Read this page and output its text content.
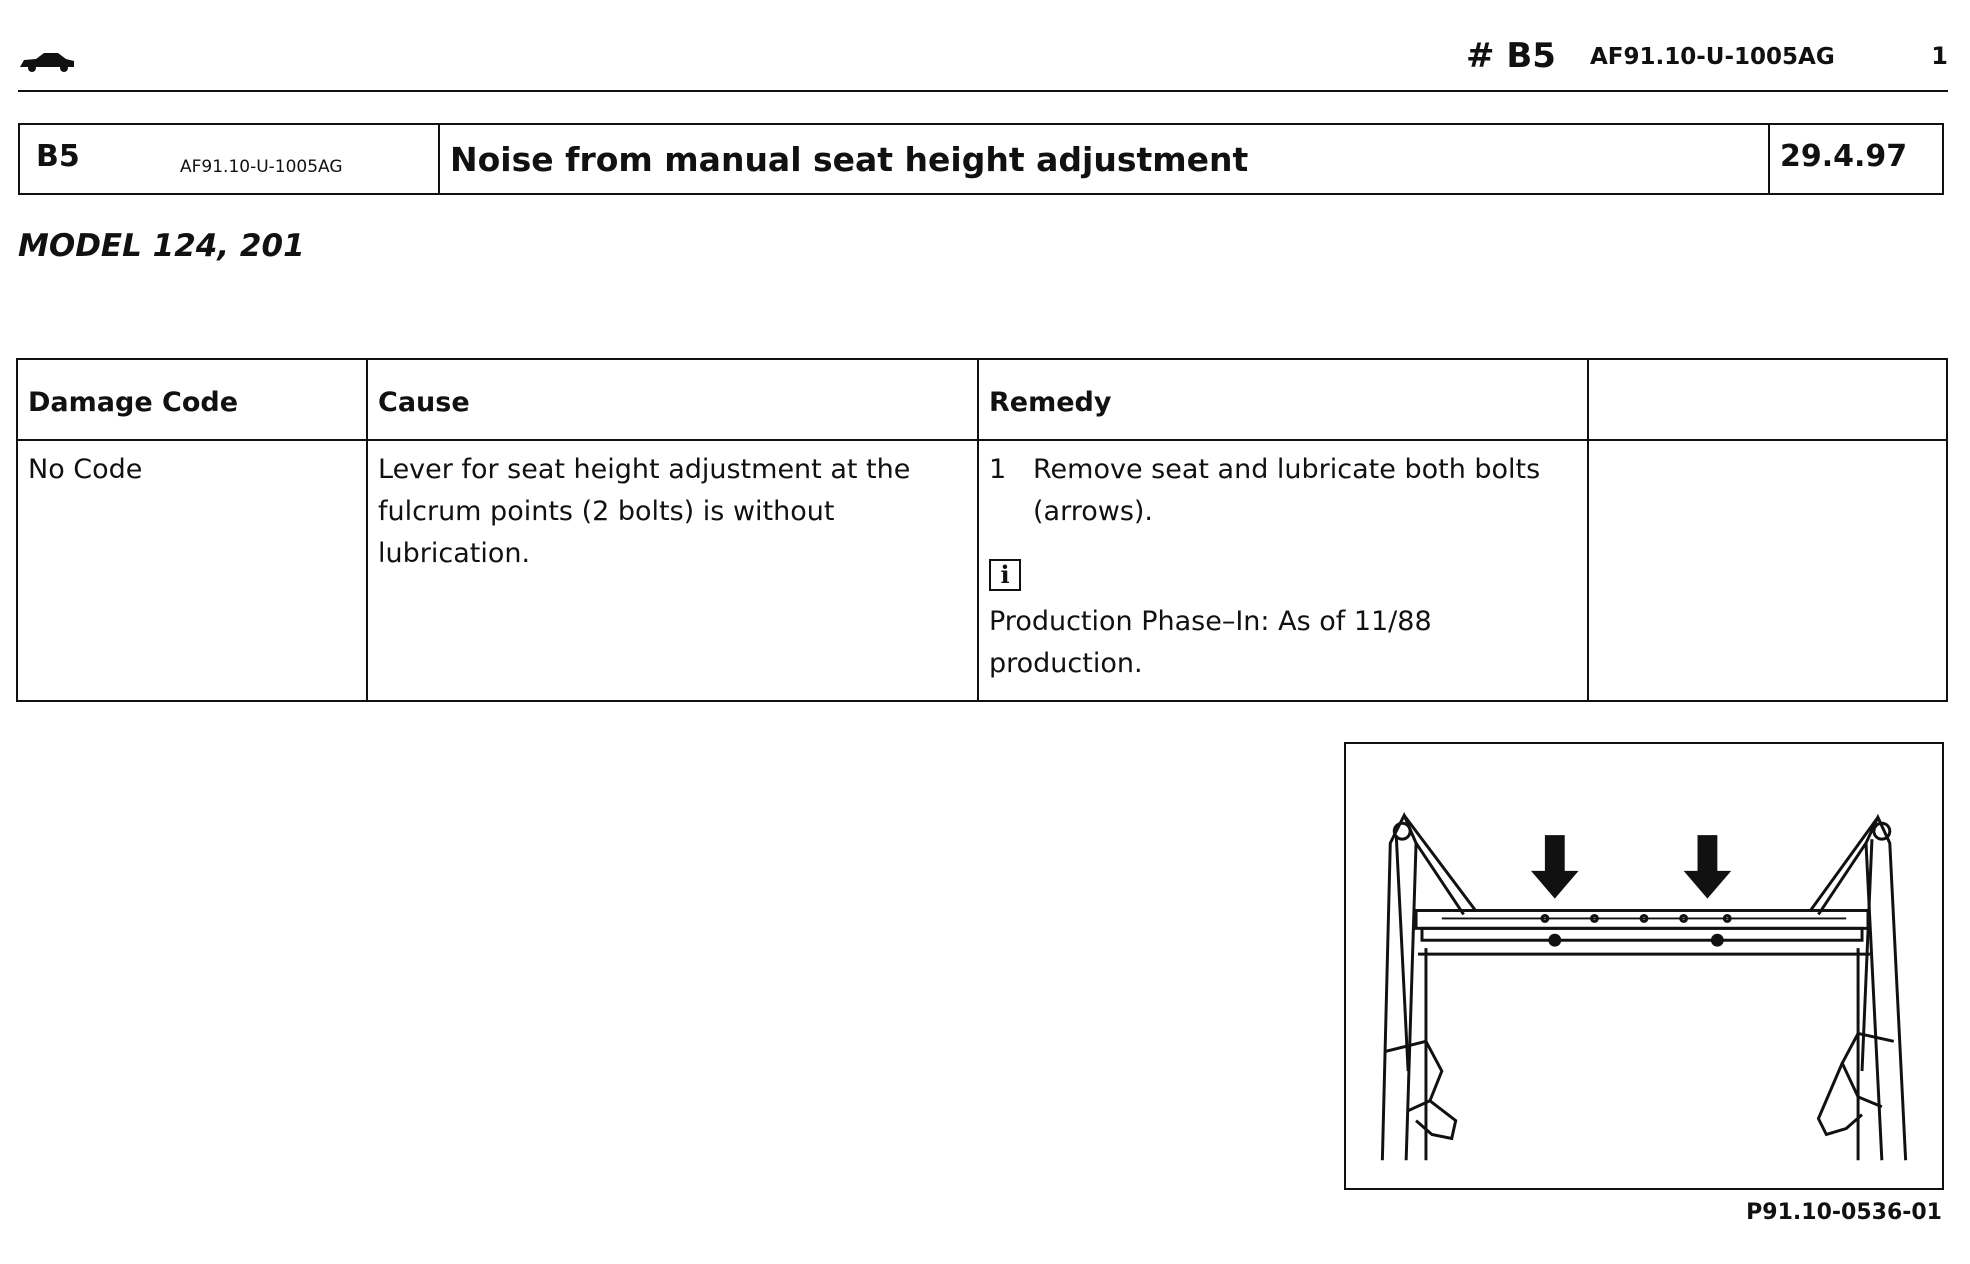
# B5 AF91.10-U-1005AG	1
B5	AF91.10-U-1005AG	Noise from manual seat height adjustment	29.4.97
MODEL 124, 201
Damage Code	Cause	Remedy	
No Code	Lever for seat height adjustment at the fulcrum points (2 bolts) is without lubrication.	1 Remove seat and lubricate both bolts (arrows).
i
Production Phase–In: As of 11/88 production.	

P91.10-0536-01
